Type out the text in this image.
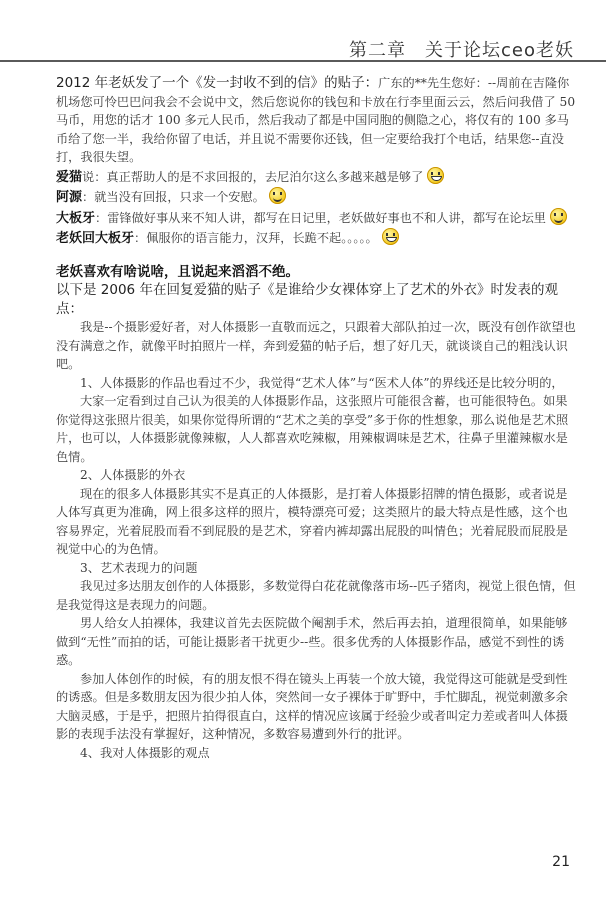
第二章　关于论坛ceo老妖

2012 年老妖发了一个《发一封收不到的信》的贴子：广东的**先生您好：--周前在吉隆你机场您可怜巴巴问我会不会说中文，然后您说你的钱包和卡放在行李里面云云，然后问我借了 50 马币，用您的话才 100 多元人民币，然后我动了都是中国同胞的侧隐之心，将仅有的 100 多马币给了您一半，我给你留了电话，并且说不需要你还钱，但一定要给我打个电话，结果您--直没打，我很失望。

爱猫说：真正帮助人的是不求回报的，去尼泊尔这么多越来越是够了

阿源：就当没有回报，只求一个安慰。

大板牙：雷锋做好事从来不知人讲，都写在日记里，老妖做好事也不和人讲，都写在论坛里

老妖回大板牙：佩服你的语言能力，汉拜，长跪不起。。。。。

老妖喜欢有啥说啥，且说起来滔滔不绝。

以下是 2006 年在回复爱猫的贴子《是谁给少女裸体穿上了艺术的外衣》时发表的观点：

我是--个摄影爱好者，对人体摄影一直敬而远之，只跟着大部队拍过一次，既没有创作欲望也没有满意之作，就像平时拍照片一样，奔到爱猫的帖子后，想了好几天，就谈谈自己的粗浅认识吧。

1、人体摄影的作品也看过不少，我觉得“艺术人体”与“医术人体”的界线还是比较分明的，

大家一定看到过自己认为很美的人体摄影作品，这张照片可能很含蓄，也可能很特色。如果你觉得这张照片很美，如果你觉得所谓的“艺术之美的享受”多于你的性想象，那么说他是艺术照片，也可以，人体摄影就像辣椒，人人都喜欢吃辣椒，用辣椒调味是艺术，往鼻子里灌辣椒水是色情。

2、人体摄影的外衣

现在的很多人体摄影其实不是真正的人体摄影，是打着人体摄影招牌的情色摄影，或者说是人体写真更为准确，网上很多这样的照片，模特漂亮可爱；这类照片的最大特点是性感，这个也容易界定，光着屁股而看不到屁股的是艺术，穿着内裤却露出屁股的叫情色；光着屁股而屁股是视觉中心的为色情。

3、艺术表现力的问题

我见过多达朋友创作的人体摄影，多数觉得白花花就像落市场--匹子猪肉，视觉上很色情，但是我觉得这是表现力的问题。

男人给女人拍裸体，我建议首先去医院做个阉割手术，然后再去拍，道理很简单，如果能够做到“无性”而拍的话，可能让摄影者干扰更少--些。很多优秀的人体摄影作品，感觉不到性的诱惑。

参加人体创作的时候，有的朋友恨不得在镜头上再装一个放大镜，我觉得这可能就是受到性的诱惑。但是多数朋友因为很少拍人体，突然间一女子裸体于旷野中，手忙脚乱，视觉刺激多余大脑灵感，于是乎，把照片拍得很直白，这样的情况应该属于经验少或者叫定力差或者叫人体摄影的表现手法没有掌握好，这种情况，多数容易遭到外行的批评。

4、我对人体摄影的观点

21
